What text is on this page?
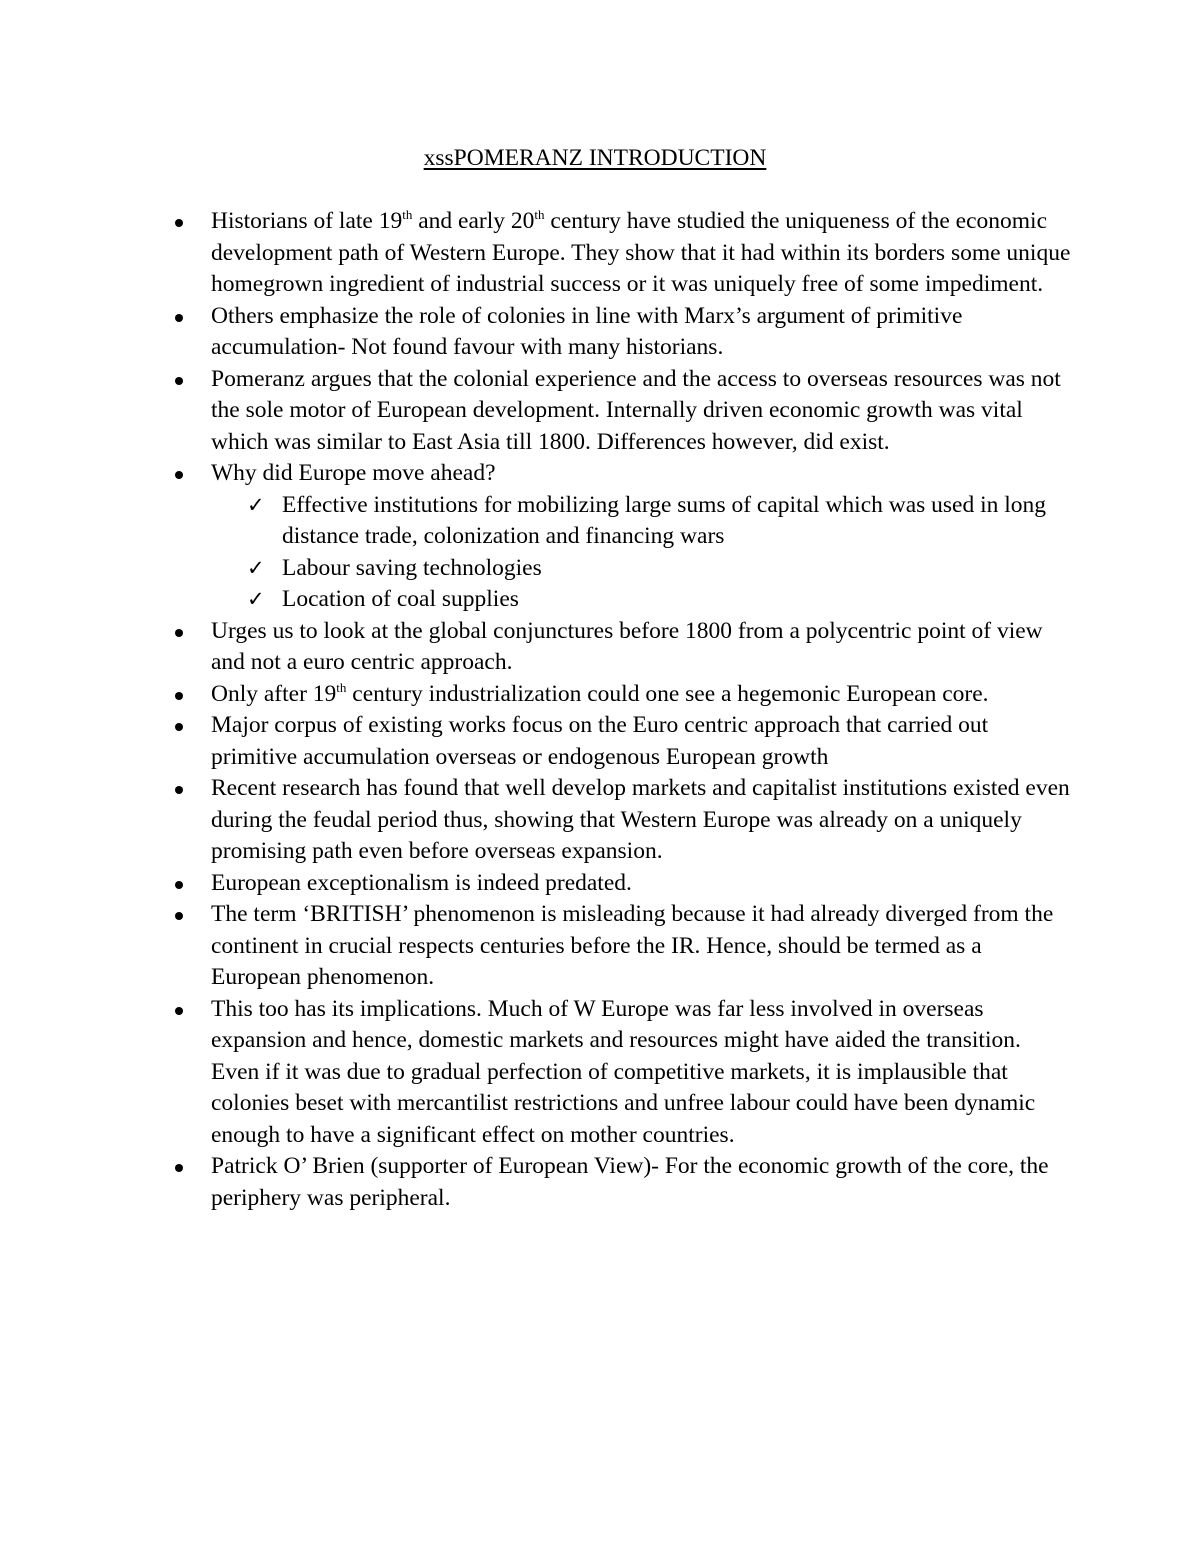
xssPOMERANZ INTRODUCTION
Historians of late 19th and early 20th century have studied the uniqueness of the economic development path of Western Europe. They show that it had within its borders some unique homegrown ingredient of industrial success or it was uniquely free of some impediment.
Others emphasize the role of colonies in line with Marx’s argument of primitive accumulation- Not found favour with many historians.
Pomeranz argues that the colonial experience and the access to overseas resources was not the sole motor of European development. Internally driven economic growth was vital which was similar to East Asia till 1800. Differences however, did exist.
Why did Europe move ahead?
✓ Effective institutions for mobilizing large sums of capital which was used in long distance trade, colonization and financing wars
✓ Labour saving technologies
✓ Location of coal supplies
Urges us to look at the global conjunctures before 1800 from a polycentric point of view and not a euro centric approach.
Only after 19th century industrialization could one see a hegemonic European core.
Major corpus of existing works focus on the Euro centric approach that carried out primitive accumulation overseas or endogenous European growth
Recent research has found that well develop markets and capitalist institutions existed even during the feudal period thus, showing that Western Europe was already on a uniquely promising path even before overseas expansion.
European exceptionalism is indeed predated.
The term ‘BRITISH’ phenomenon is misleading because it had already diverged from the continent in crucial respects centuries before the IR. Hence, should be termed as a European phenomenon.
This too has its implications. Much of W Europe was far less involved in overseas expansion and hence, domestic markets and resources might have aided the transition. Even if it was due to gradual perfection of competitive markets, it is implausible that colonies beset with mercantilist restrictions and unfree labour could have been dynamic enough to have a significant effect on mother countries.
Patrick O’ Brien (supporter of European View)- For the economic growth of the core, the periphery was peripheral.
